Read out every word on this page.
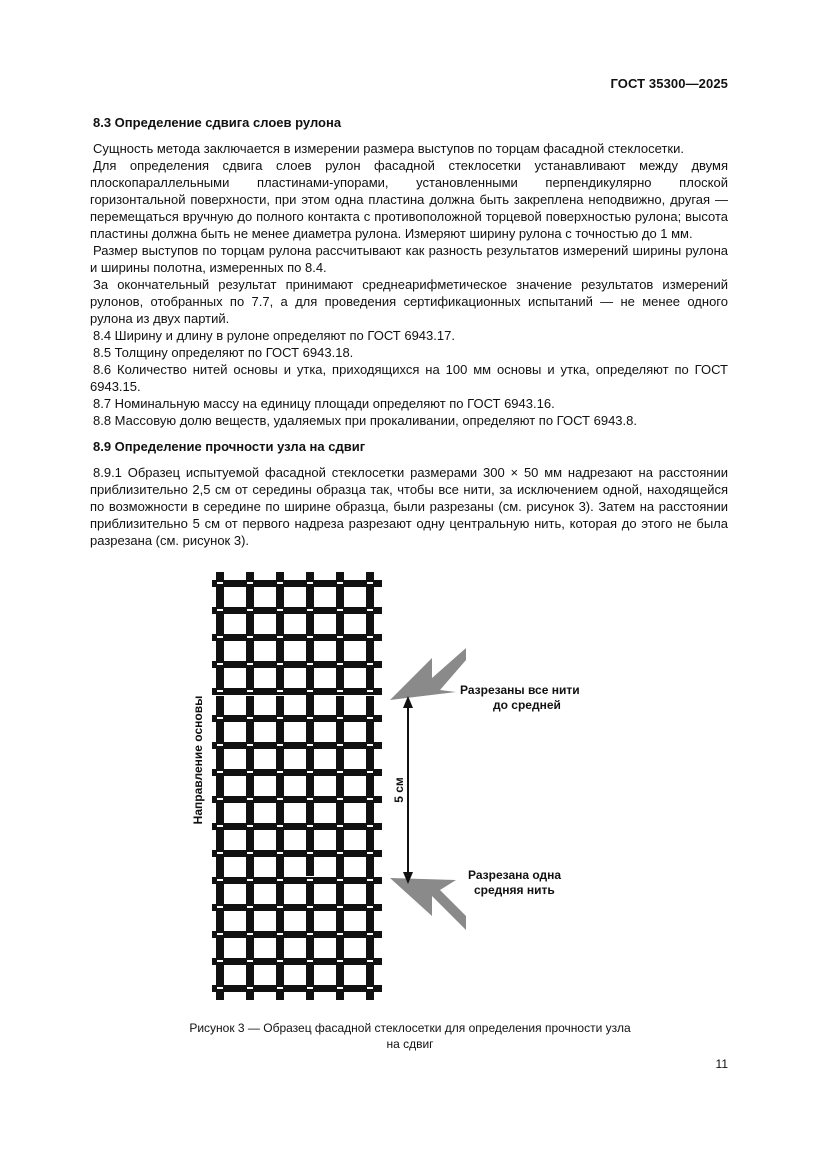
ГОСТ 35300—2025
8.3 Определение сдвига слоев рулона

Сущность метода заключается в измерении размера выступов по торцам фасадной стеклосетки.

Для определения сдвига слоев рулон фасадной стеклосетки устанавливают между двумя плоскопараллельными пластинами-упорами, установленными перпендикулярно плоской горизонтальной поверхности, при этом одна пластина должна быть закреплена неподвижно, другая — перемещаться вручную до полного контакта с противоположной торцевой поверхностью рулона; высота пластины должна быть не менее диаметра рулона. Измеряют ширину рулона с точностью до 1 мм.

Размер выступов по торцам рулона рассчитывают как разность результатов измерений ширины рулона и ширины полотна, измеренных по 8.4.

За окончательный результат принимают среднеарифметическое значение результатов измерений рулонов, отобранных по 7.7, а для проведения сертификационных испытаний — не менее одного рулона из двух партий.

8.4 Ширину и длину в рулоне определяют по ГОСТ 6943.17.

8.5 Толщину определяют по ГОСТ 6943.18.

8.6 Количество нитей основы и утка, приходящихся на 100 мм основы и утка, определяют по ГОСТ 6943.15.

8.7 Номинальную массу на единицу площади определяют по ГОСТ 6943.16.

8.8 Массовую долю веществ, удаляемых при прокаливании, определяют по ГОСТ 6943.8.

8.9 Определение прочности узла на сдвиг

8.9.1 Образец испытуемой фасадной стеклосетки размерами 300 × 50 мм надрезают на расстоянии приблизительно 2,5 см от середины образца так, чтобы все нити, за исключением одной, находящейся по возможности в середине по ширине образца, были разрезаны (см. рисунок 3). Затем на расстоянии приблизительно 5 см от первого надреза разрезают одну центральную нить, которая до этого не была разрезана (см. рисунок 3).

Направление основы	5 см
Разрезаны все нити
до средней
Разрезана одна
средняя нить
Рисунок 3 — Образец фасадной стеклосетки для определения прочности узла
на сдвиг
11
